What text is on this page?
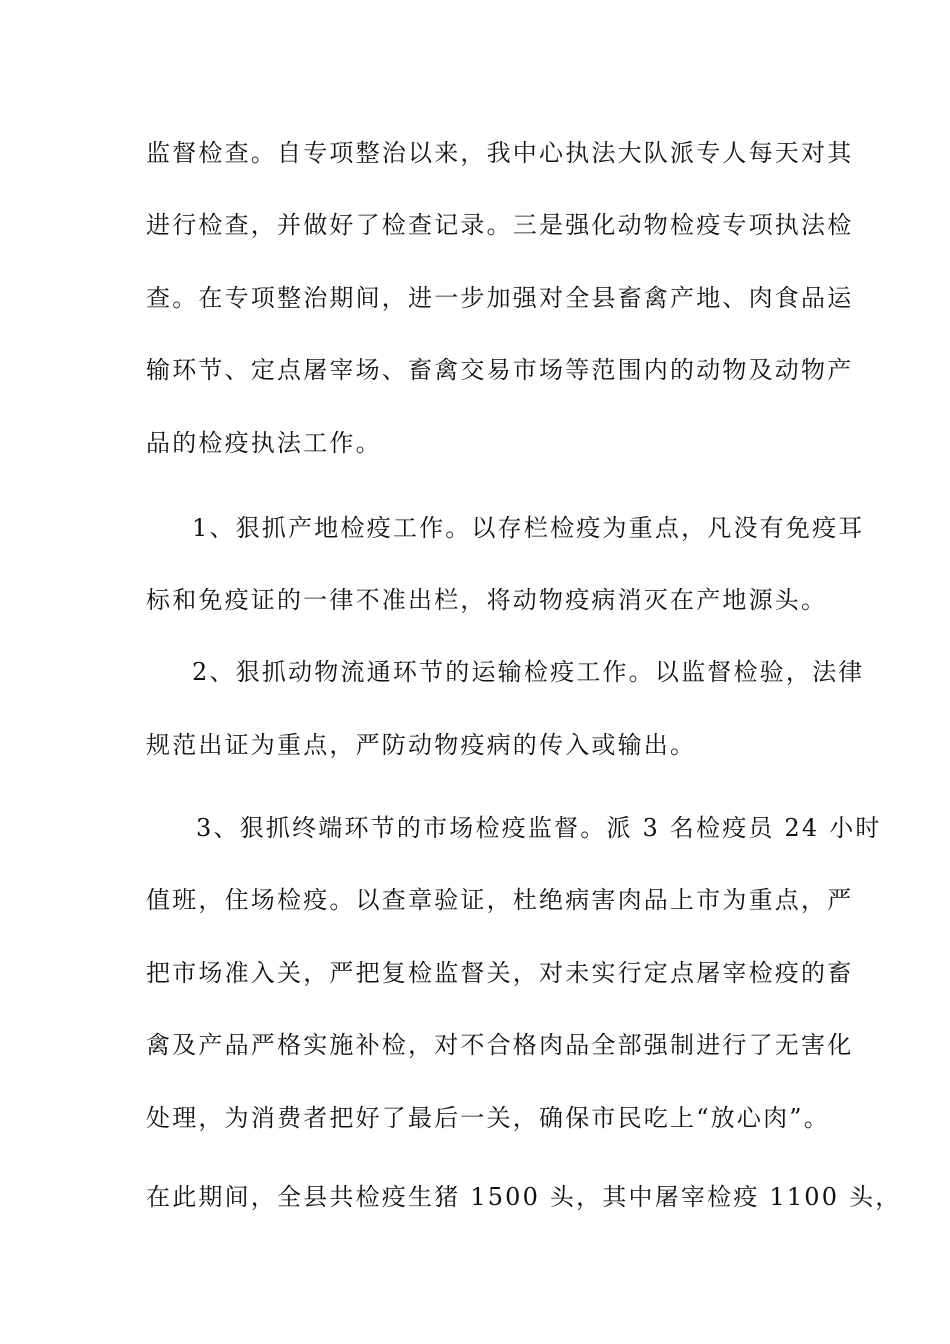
监督检查。自专项整治以来，我中心执法大队派专人每天对其
进行检查，并做好了检查记录。三是强化动物检疫专项执法检
查。在专项整治期间，进一步加强对全县畜禽产地、肉食品运
输环节、定点屠宰场、畜禽交易市场等范围内的动物及动物产
品的检疫执法工作。
1、狠抓产地检疫工作。以存栏检疫为重点，凡没有免疫耳
标和免疫证的一律不准出栏，将动物疫病消灭在产地源头。
2、狠抓动物流通环节的运输检疫工作。以监督检验，法律
规范出证为重点，严防动物疫病的传入或输出。
3、狠抓终端环节的市场检疫监督。派 3 名检疫员 24 小时
值班，住场检疫。以查章验证，杜绝病害肉品上市为重点，严
把市场准入关，严把复检监督关，对未实行定点屠宰检疫的畜
禽及产品严格实施补检，对不合格肉品全部强制进行了无害化
处理，为消费者把好了最后一关，确保市民吃上“放心肉”。
在此期间，全县共检疫生猪 1500 头，其中屠宰检疫 1100 头，
